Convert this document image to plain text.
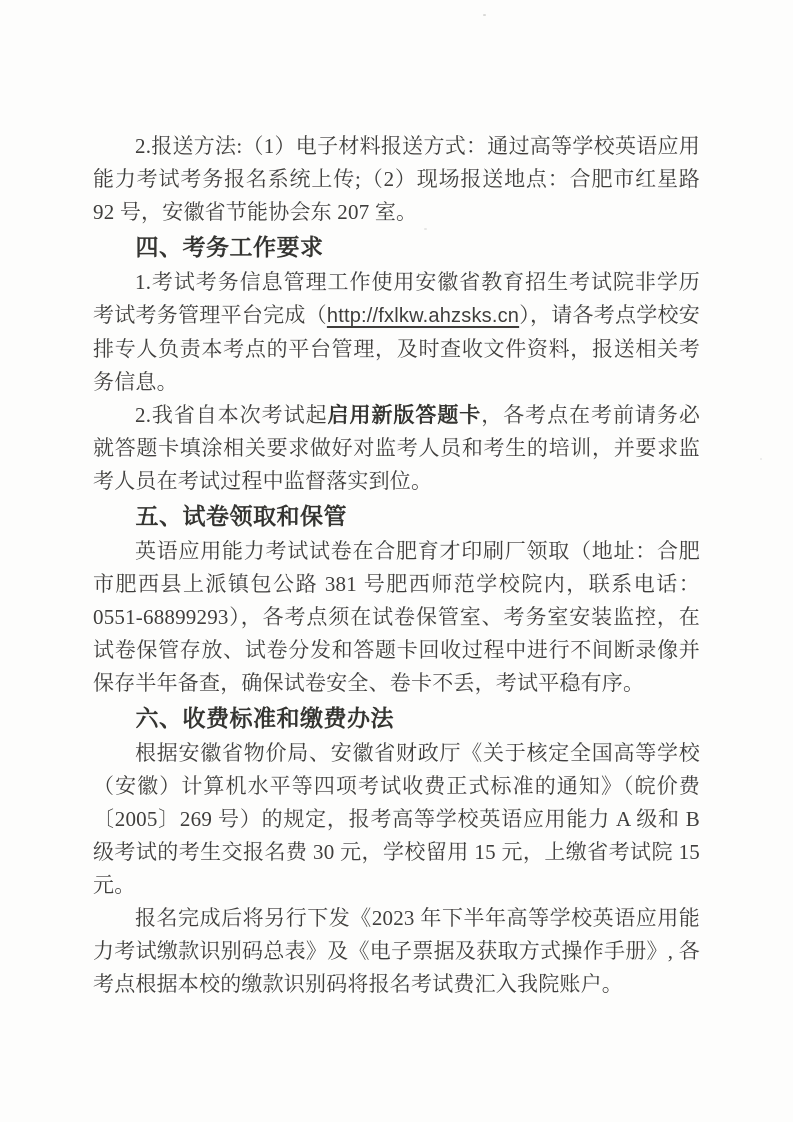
2.报送方法:（1）电子材料报送方式：通过高等学校英语应用能力考试考务报名系统上传;（2）现场报送地点：合肥市红星路 92 号，安徽省节能协会东 207 室。
四、考务工作要求
1.考试考务信息管理工作使用安徽省教育招生考试院非学历考试考务管理平台完成（http://fxlkw.ahzsks.cn），请各考点学校安排专人负责本考点的平台管理，及时查收文件资料，报送相关考务信息。
2.我省自本次考试起启用新版答题卡，各考点在考前请务必就答题卡填涂相关要求做好对监考人员和考生的培训，并要求监考人员在考试过程中监督落实到位。
五、试卷领取和保管
英语应用能力考试试卷在合肥育才印刷厂领取（地址：合肥市肥西县上派镇包公路 381 号肥西师范学校院内，联系电话：0551-68899293），各考点须在试卷保管室、考务室安装监控，在试卷保管存放、试卷分发和答题卡回收过程中进行不间断录像并保存半年备查，确保试卷安全、卷卡不丢，考试平稳有序。
六、收费标准和缴费办法
根据安徽省物价局、安徽省财政厅《关于核定全国高等学校（安徽）计算机水平等四项考试收费正式标准的通知》（皖价费〔2005〕269 号）的规定，报考高等学校英语应用能力 A 级和 B 级考试的考生交报名费 30 元，学校留用 15 元，上缴省考试院 15 元。
报名完成后将另行下发《2023 年下半年高等学校英语应用能力考试缴款识别码总表》及《电子票据及获取方式操作手册》, 各考点根据本校的缴款识别码将报名考试费汇入我院账户。
